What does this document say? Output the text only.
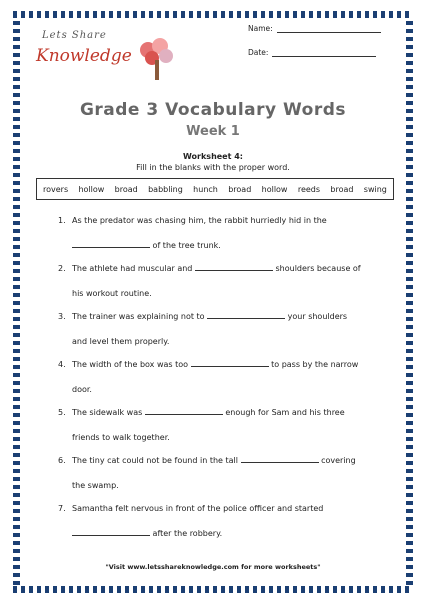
Lets Share
Knowledge
Name:
Date:
Grade 3 Vocabulary Words
Week 1
Worksheet 4:
Fill in the blanks with the proper word.
rovers hollow broad babbling hunch broad hollow reeds broad swing
1. As the predator was chasing him, the rabbit hurriedly hid in the
of the tree trunk.
2. The athlete had muscular and	shoulders because of
his workout routine.
3. The trainer was explaining not to	your shoulders
and level them properly.
4. The width of the box was too	to pass by the narrow
door.
5. The sidewalk was	enough for Sam and his three
friends to walk together.
6. The tiny cat could not be found in the tall	covering
the swamp.
7. Samantha felt nervous in front of the police officer and started
after the robbery.
"Visit www.letsshareknowledge.com for more worksheets"
